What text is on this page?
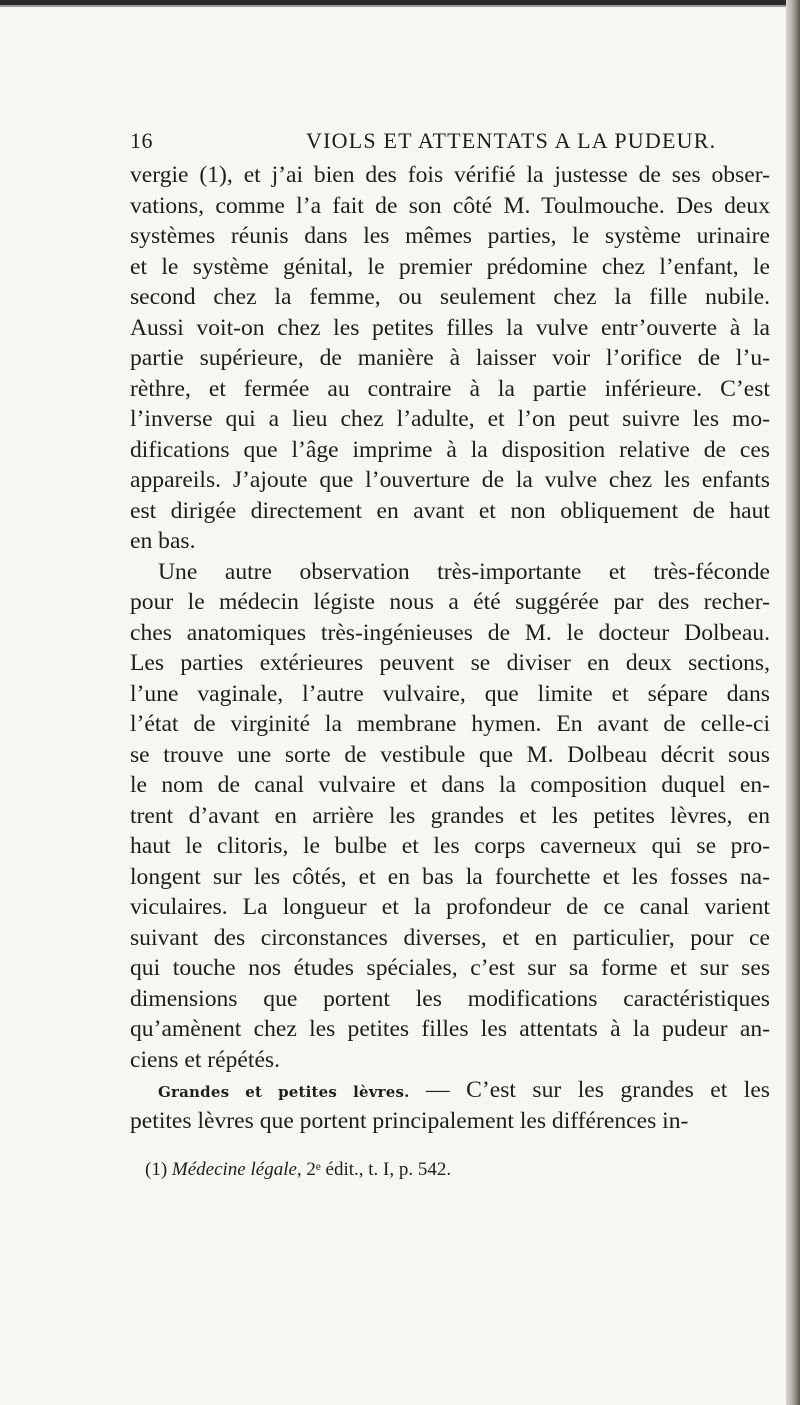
16	VIOLS ET ATTENTATS A LA PUDEUR.
vergie (1), et j’ai bien des fois vérifié la justesse de ses obser-
vations, comme l’a fait de son côté M. Toulmouche. Des deux
systèmes réunis dans les mêmes parties, le système urinaire
et le système génital, le premier prédomine chez l’enfant, le
second chez la femme, ou seulement chez la fille nubile.
Aussi voit-on chez les petites filles la vulve entr’ouverte à la
partie supérieure, de manière à laisser voir l’orifice de l’u-
rèthre, et fermée au contraire à la partie inférieure. C’est
l’inverse qui a lieu chez l’adulte, et l’on peut suivre les mo-
difications que l’âge imprime à la disposition relative de ces
appareils. J’ajoute que l’ouverture de la vulve chez les enfants
est dirigée directement en avant et non obliquement de haut
en bas.
Une autre observation très-importante et très-féconde
pour le médecin légiste nous a été suggérée par des recher-
ches anatomiques très-ingénieuses de M. le docteur Dolbeau.
Les parties extérieures peuvent se diviser en deux sections,
l’une vaginale, l’autre vulvaire, que limite et sépare dans
l’état de virginité la membrane hymen. En avant de celle-ci
se trouve une sorte de vestibule que M. Dolbeau décrit sous
le nom de canal vulvaire et dans la composition duquel en-
trent d’avant en arrière les grandes et les petites lèvres, en
haut le clitoris, le bulbe et les corps caverneux qui se pro-
longent sur les côtés, et en bas la fourchette et les fosses na-
viculaires. La longueur et la profondeur de ce canal varient
suivant des circonstances diverses, et en particulier, pour ce
qui touche nos études spéciales, c’est sur sa forme et sur ses
dimensions que portent les modifications caractéristiques
qu’amènent chez les petites filles les attentats à la pudeur an-
ciens et répétés.
Grandes et petites lèvres. — C’est sur les grandes et les
petites lèvres que portent principalement les différences in-
(1) Médecine légale, 2ᵉ édit., t. I, p. 542.
